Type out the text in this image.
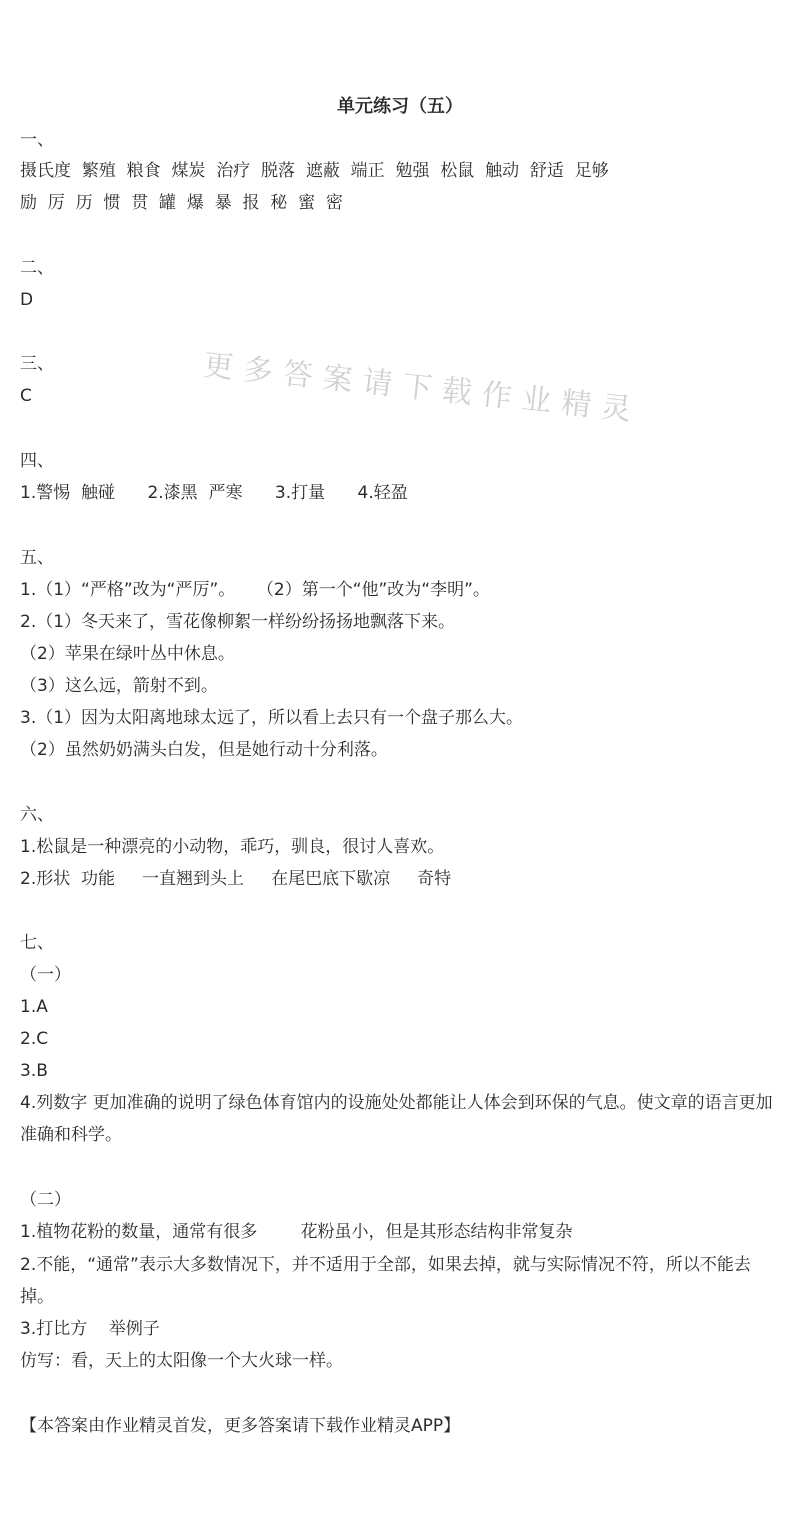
单元练习（五）
更多答案请下载作业精灵
一、
摄氏度  繁殖  粮食  煤炭  治疗  脱落  遮蔽  端正  勉强  松鼠  触动  舒适  足够
励  厉  历  惯  贯  罐  爆  暴  报  秘  蜜  密
二、
D
三、
C
四、
1.警惕  触碰      2.漆黑  严寒      3.打量      4.轻盈
五、
1.（1）“严格”改为“严厉”。    （2）第一个“他”改为“李明”。
2.（1）冬天来了，雪花像柳絮一样纷纷扬扬地飘落下来。
（2）苹果在绿叶丛中休息。
（3）这么远，箭射不到。
3.（1）因为太阳离地球太远了，所以看上去只有一个盘子那么大。
（2）虽然奶奶满头白发，但是她行动十分利落。
六、
1.松鼠是一种漂亮的小动物，乖巧，驯良，很讨人喜欢。
2.形状  功能     一直翘到头上     在尾巴底下歇凉     奇特
七、
（一）
1.A
2.C
3.B
4.列数字 更加准确的说明了绿色体育馆内的设施处处都能让人体会到环保的气息。使文章的语言更加准确和科学。
（二）
1.植物花粉的数量，通常有很多        花粉虽小，但是其形态结构非常复杂
2.不能，“通常”表示大多数情况下，并不适用于全部，如果去掉，就与实际情况不符，所以不能去掉。
3.打比方    举例子
仿写：看，天上的太阳像一个大火球一样。
【本答案由作业精灵首发，更多答案请下载作业精灵APP】
